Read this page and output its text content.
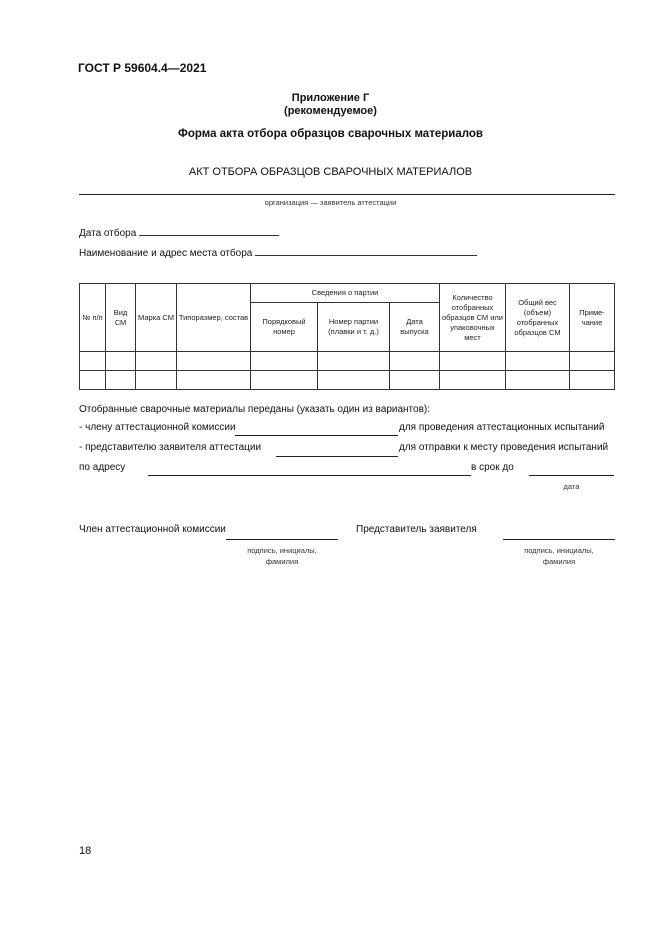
ГОСТ Р 59604.4—2021
Приложение Г
(рекомендуемое)
Форма акта отбора образцов сварочных материалов
АКТ ОТБОРА ОБРАЗЦОВ СВАРОЧНЫХ МАТЕРИАЛОВ
организация — заявитель аттестации
Дата отбора
Наименование и адрес места отбора
№ п/п	Вид СМ	Марка СМ	Типоразмер, состав	Сведения о партии			Количество отобранных образцов СМ или упаковочных мест	Общий вес (объем) отобранных образцов СМ	Приме-чание
				Порядковый номер	Номер партии (плавки и т. д.)	Дата выпуска			

Отобранные сварочные материалы переданы (указать один из вариантов):
- члену аттестационной комиссии	для проведения аттестационных испытаний
- представителю заявителя аттестации	для отправки к месту проведения испытаний
по адресу	в срок до
дата
Член аттестационной комиссии
подпись, инициалы,
фамилия
Представитель заявителя
подпись, инициалы,
фамилия
18
